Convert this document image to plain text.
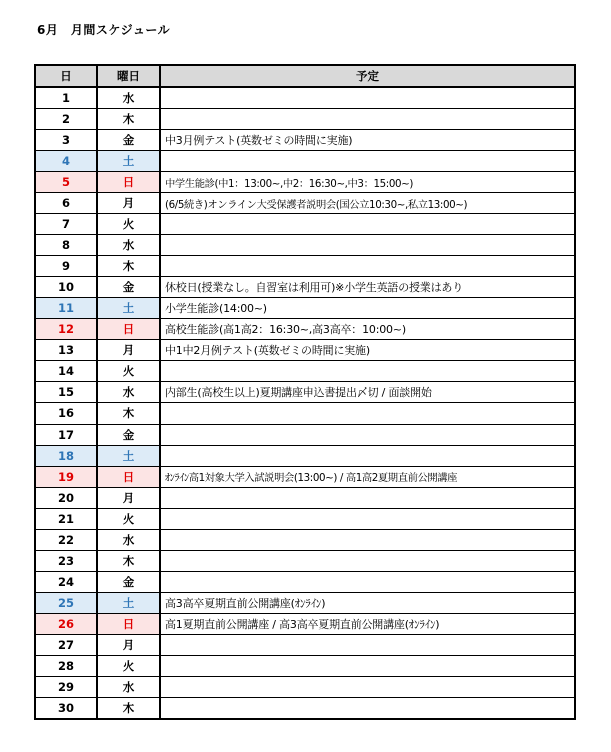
6月　月間スケジュール
日	曜日	予定
1	水	
2	木	
3	金	中3月例テスト(英数ゼミの時間に実施)
4	土	
5	日	中学生能診(中1：13:00~,中2：16:30~,中3：15:00~)
6	月	(6/5続き)オンライン大受保護者説明会(国公立10:30~,私立13:00~)
7	火	
8	水	
9	木	
10	金	休校日(授業なし。自習室は利用可)※小学生英語の授業はあり
11	土	小学生能診(14:00~)
12	日	高校生能診(高1高2：16:30~,高3高卒：10:00~)
13	月	中1中2月例テスト(英数ゼミの時間に実施)
14	火	
15	水	内部生(高校生以上)夏期講座申込書提出〆切 / 面談開始
16	木	
17	金	
18	土	
19	日	ｵﾝﾗｲﾝ高1対象大学入試説明会(13:00~) / 高1高2夏期直前公開講座
20	月	
21	火	
22	水	
23	木	
24	金	
25	土	高3高卒夏期直前公開講座(ｵﾝﾗｲﾝ)
26	日	高1夏期直前公開講座 / 高3高卒夏期直前公開講座(ｵﾝﾗｲﾝ)
27	月	
28	火	
29	水	
30	木	
